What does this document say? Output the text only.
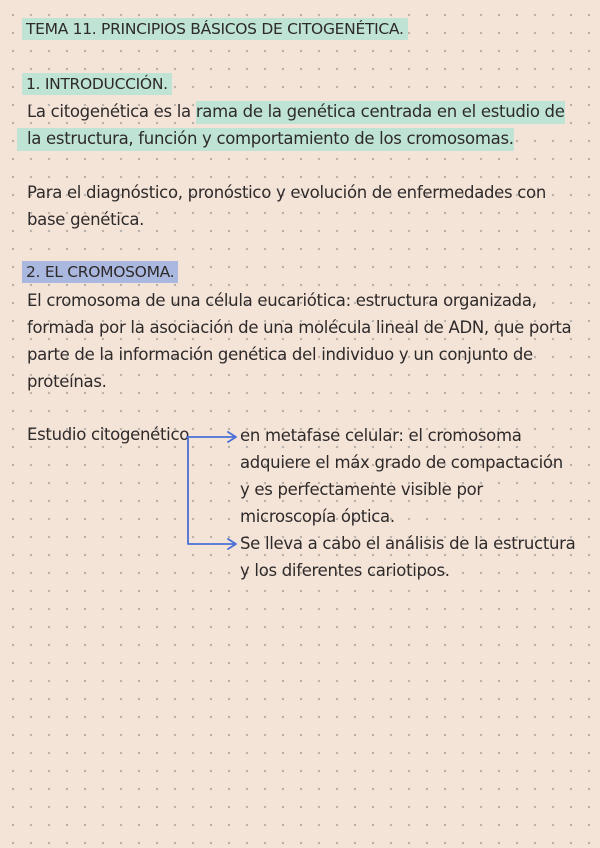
TEMA 11. PRINCIPIOS BÁSICOS DE CITOGENÉTICA.
1. INTRODUCCIÓN.
La citogenética es la rama de la genética centrada en el estudio de
la estructura, función y comportamiento de los cromosomas.
Para el diagnóstico, pronóstico y evolución de enfermedades con
base genética.
2. EL CROMOSOMA.
El cromosoma de una célula eucariótica: estructura organizada,
formada por la asociación de una molécula lineal de ADN, que porta
parte de la información genética del individuo y un conjunto de
proteínas.
Estudio citogenético	en metafase celular: el cromosoma
adquiere el máx grado de compactación
y es perfectamente visible por
microscopía óptica.
Se lleva a cabo el análisis de la estructura
y los diferentes cariotipos.
